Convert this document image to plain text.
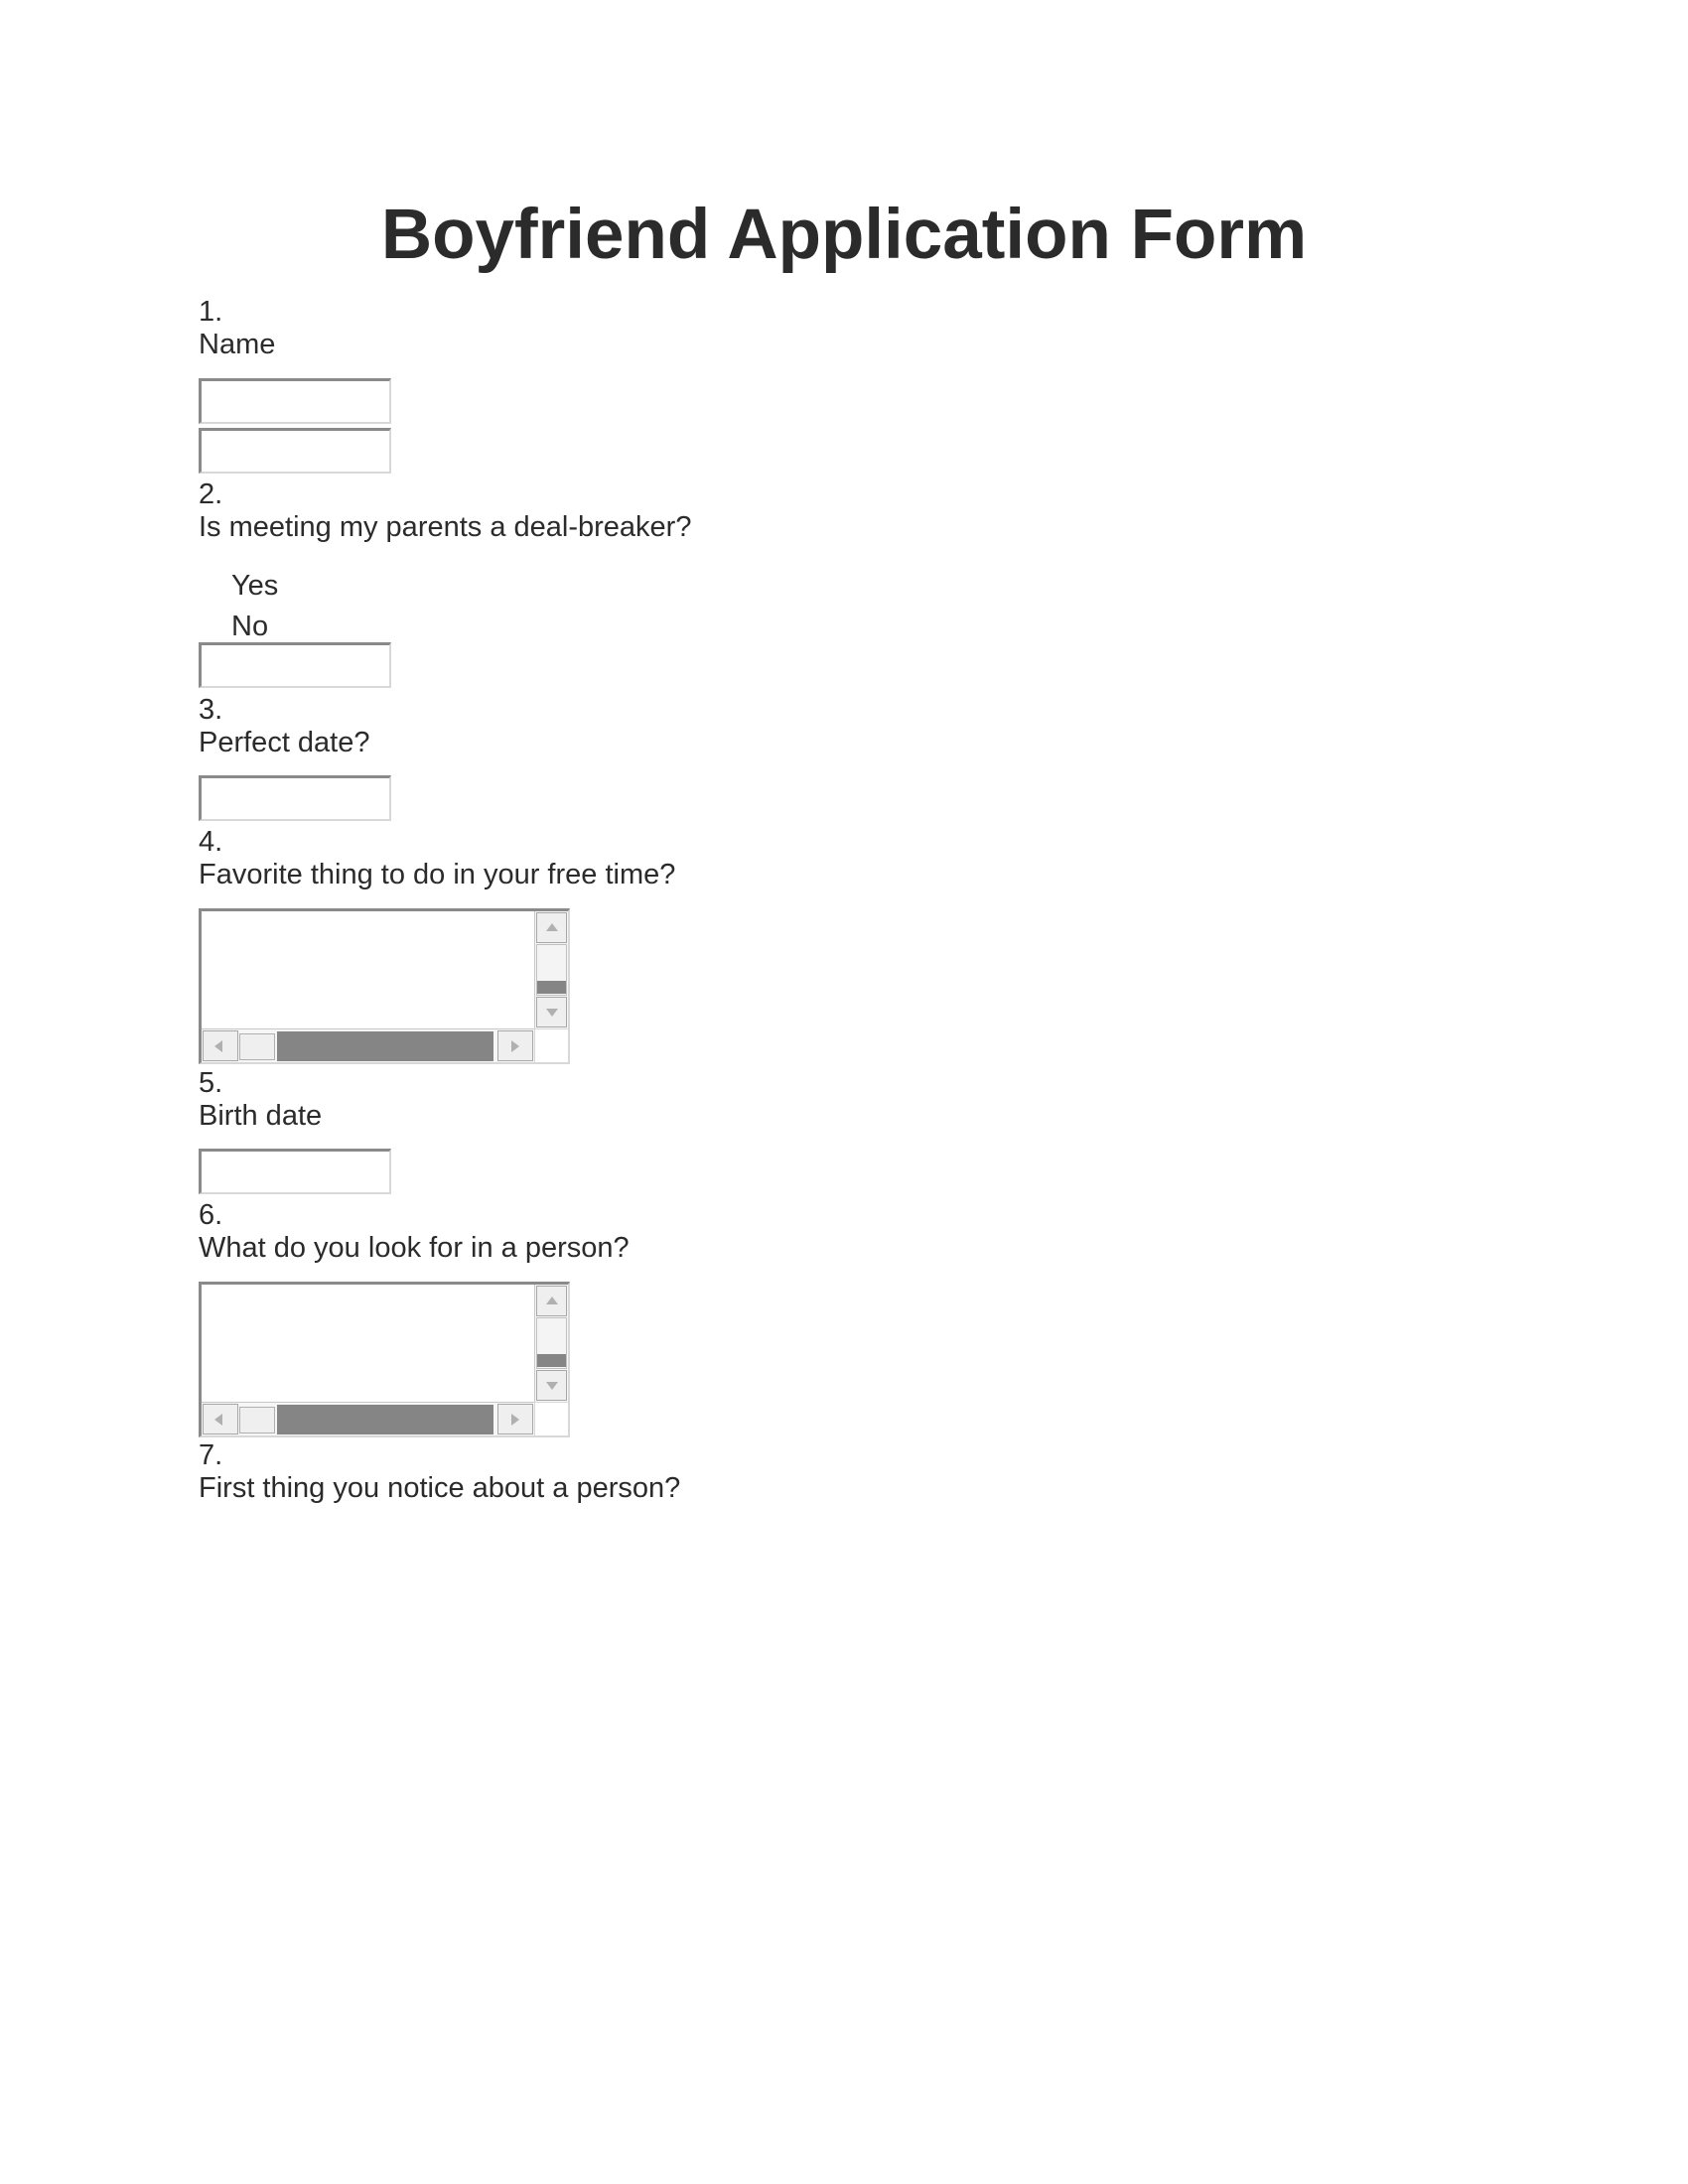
Boyfriend Application Form
1.
Name
2.
Is meeting my parents a deal-breaker?
Yes
No
3.
Perfect date?
4.
Favorite thing to do in your free time?
5.
Birth date
6.
What do you look for in a person?
7.
First thing you notice about a person?
